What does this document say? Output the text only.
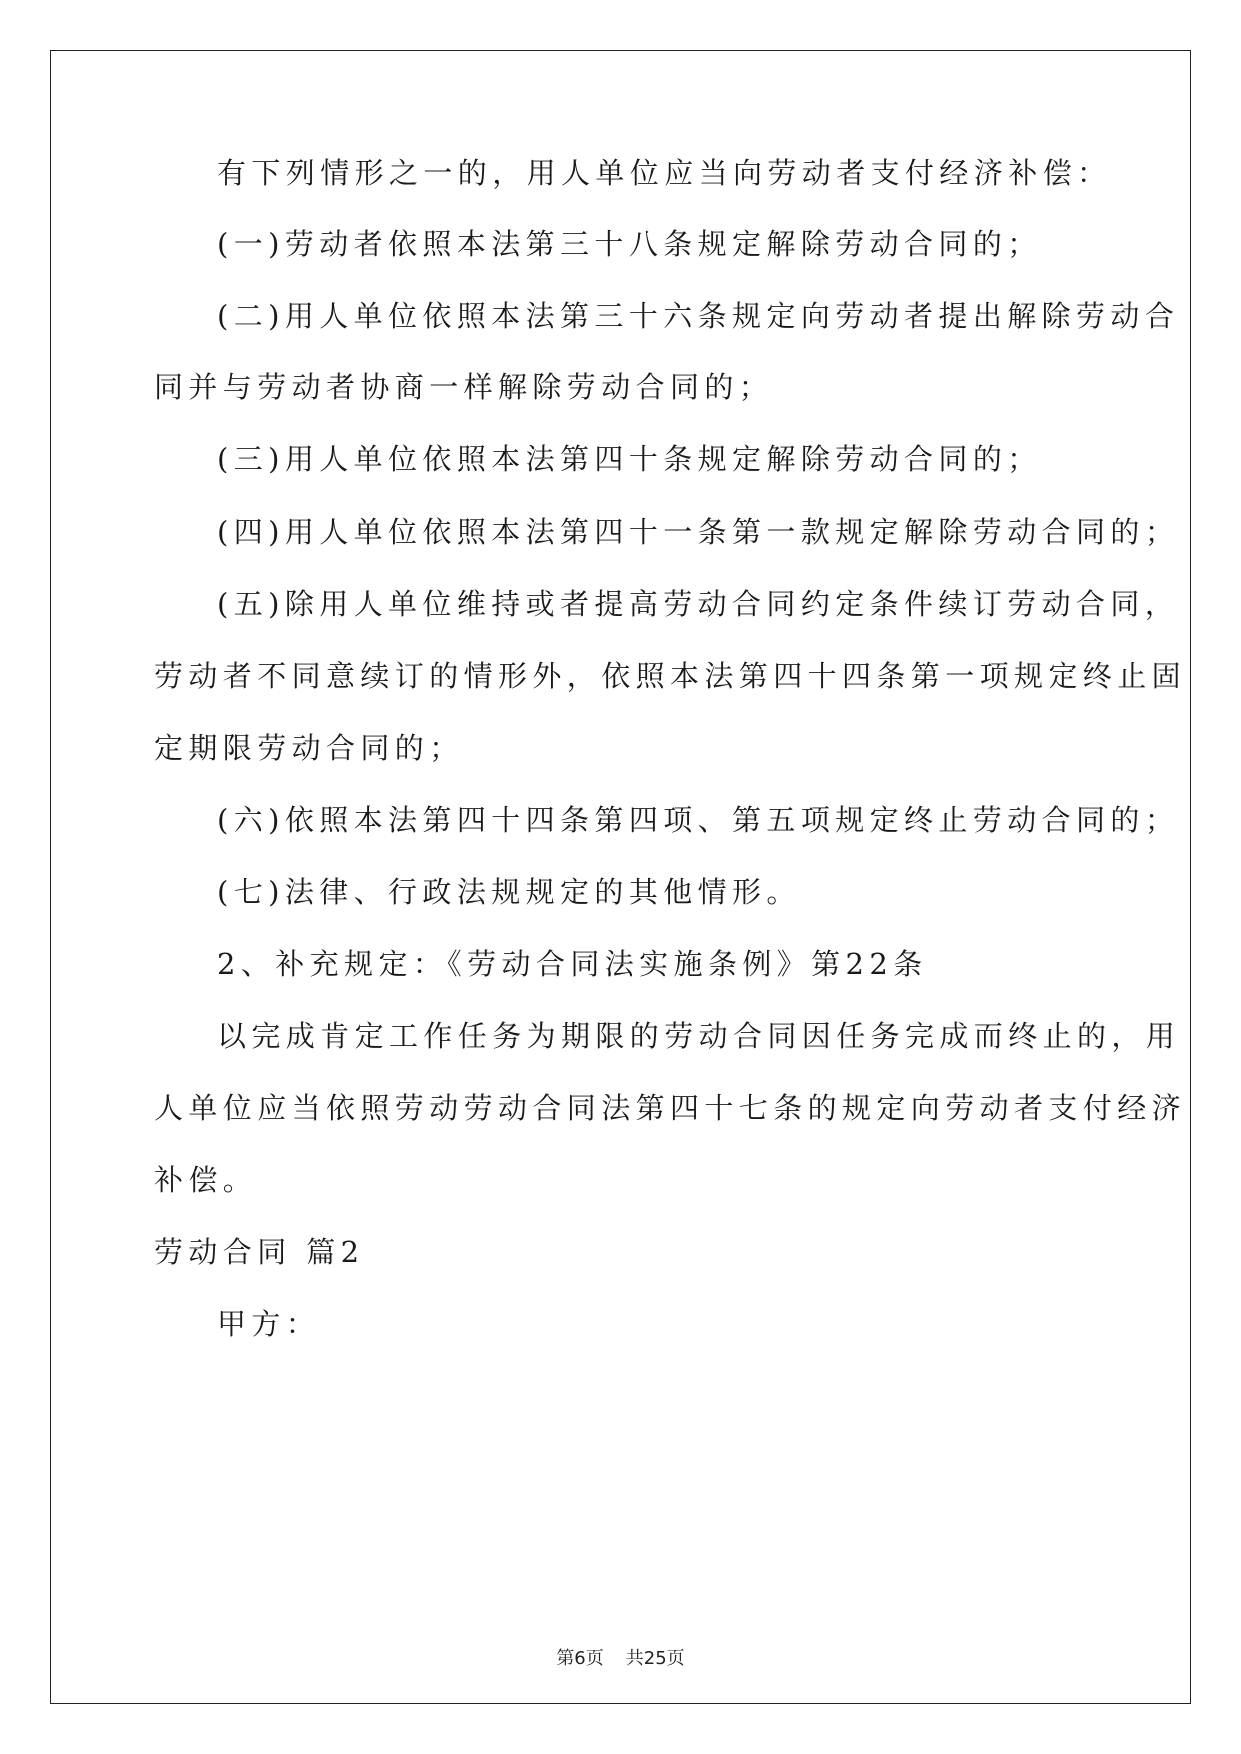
有下列情形之一的，用人单位应当向劳动者支付经济补偿：
(一)劳动者依照本法第三十八条规定解除劳动合同的；
(二)用人单位依照本法第三十六条规定向劳动者提出解除劳动合
同并与劳动者协商一样解除劳动合同的；
(三)用人单位依照本法第四十条规定解除劳动合同的；
(四)用人单位依照本法第四十一条第一款规定解除劳动合同的；
(五)除用人单位维持或者提高劳动合同约定条件续订劳动合同，
劳动者不同意续订的情形外，依照本法第四十四条第一项规定终止固
定期限劳动合同的；
(六)依照本法第四十四条第四项、第五项规定终止劳动合同的；
(七)法律、行政法规规定的其他情形。
2、补充规定：《劳动合同法实施条例》第22条
以完成肯定工作任务为期限的劳动合同因任务完成而终止的，用
人单位应当依照劳动劳动合同法第四十七条的规定向劳动者支付经济
补偿。
劳动合同 篇2
甲方：
第6页 共25页
